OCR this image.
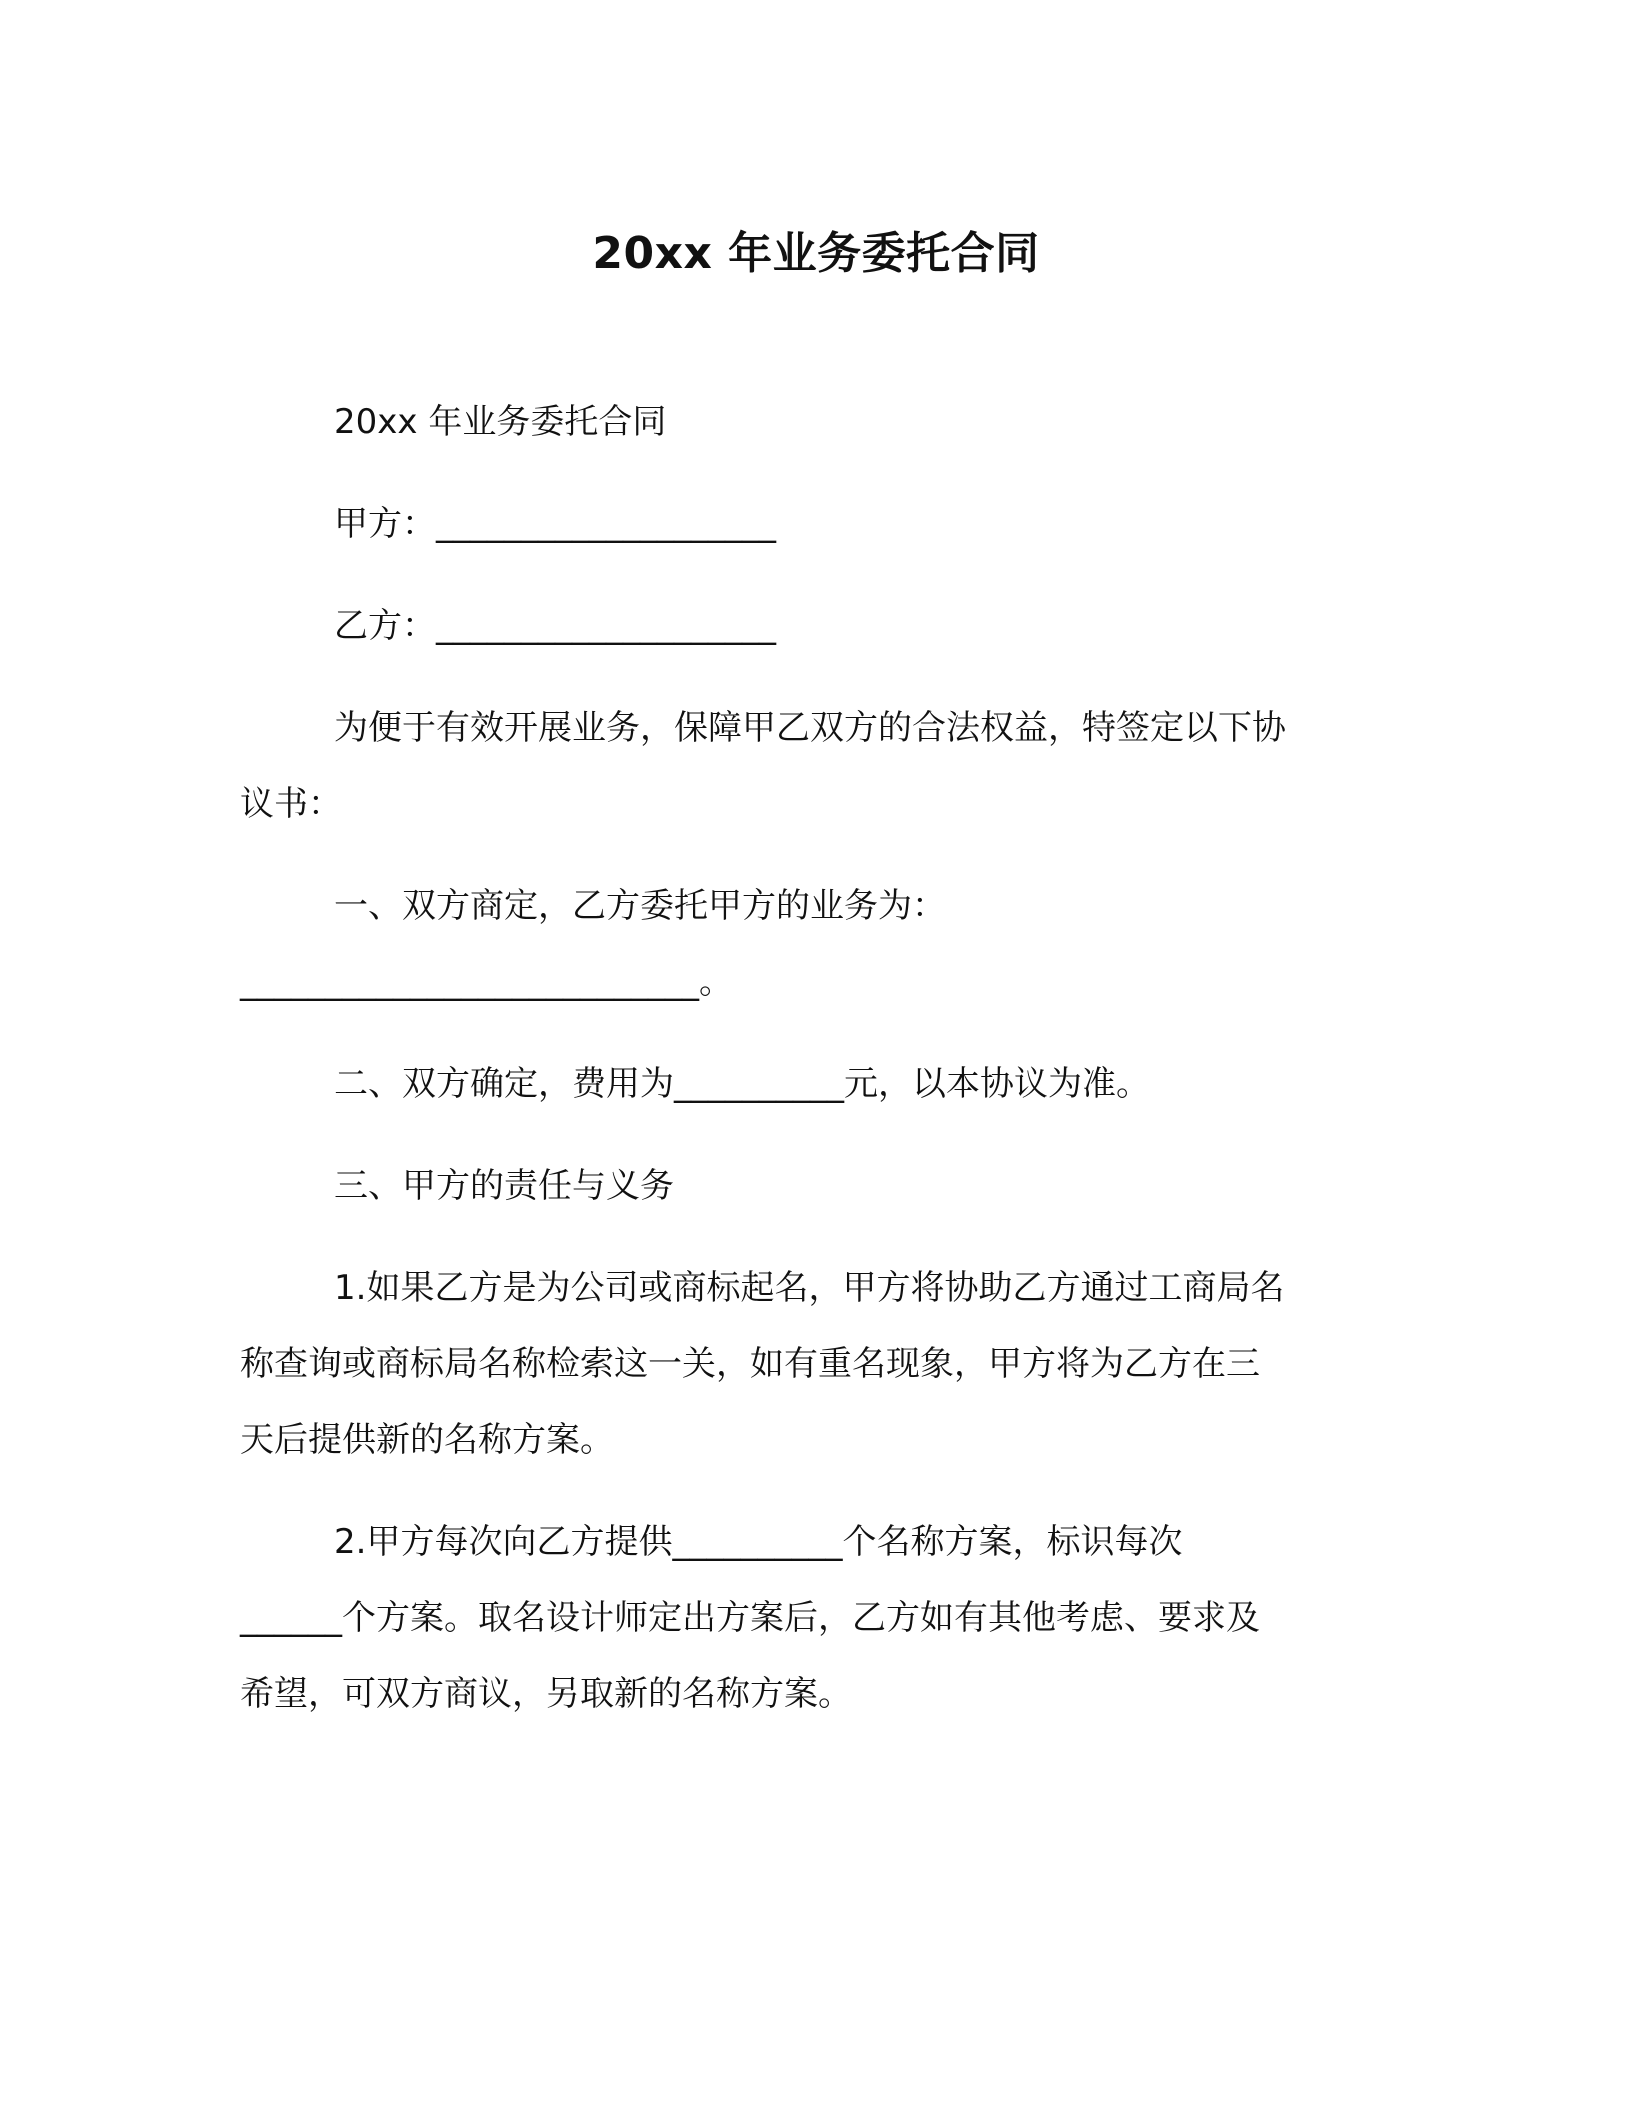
20xx 年业务委托合同

20xx 年业务委托合同

甲方：____________________

乙方：____________________

为便于有效开展业务，保障甲乙双方的合法权益，特签定以下协

议书：

一、双方商定，乙方委托甲方的业务为：

___________________________。

二、双方确定，费用为__________元，以本协议为准。

三、甲方的责任与义务

1.如果乙方是为公司或商标起名，甲方将协助乙方通过工商局名

称查询或商标局名称检索这一关，如有重名现象，甲方将为乙方在三

天后提供新的名称方案。

2.甲方每次向乙方提供__________个名称方案，标识每次

______个方案。取名设计师定出方案后，乙方如有其他考虑、要求及

希望，可双方商议，另取新的名称方案。
